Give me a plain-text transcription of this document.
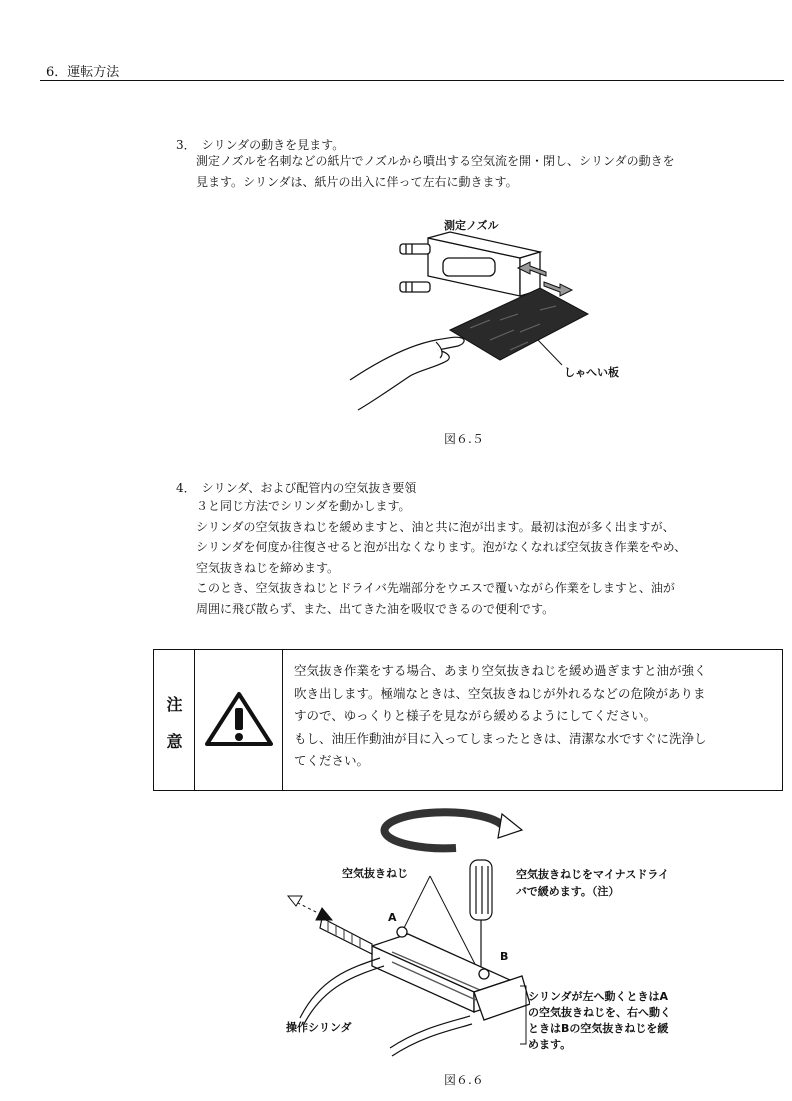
6．運転方法
3．　シリンダの動きを見ます。
測定ノズルを名刺などの紙片でノズルから噴出する空気流を開・閉し、シリンダの動きを
見ます。シリンダは、紙片の出入に伴って左右に動きます。
測定ノズル
しゃへい板
図６.５
4．　シリンダ、および配管内の空気抜き要領
３と同じ方法でシリンダを動かします。
シリンダの空気抜きねじを緩めますと、油と共に泡が出ます。最初は泡が多く出ますが、
シリンダを何度か往復させると泡が出なくなります。泡がなくなれば空気抜き作業をやめ、
空気抜きねじを締めます。
このとき、空気抜きねじとドライバ先端部分をウエスで覆いながら作業をしますと、油が
周囲に飛び散らず、また、出てきた油を吸収できるので便利です。
注
意
空気抜き作業をする場合、あまり空気抜きねじを緩め過ぎますと油が強く
吹き出します。極端なときは、空気抜きねじが外れるなどの危険がありま
すので、ゆっくりと様子を見ながら緩めるようにしてください。
もし、油圧作動油が目に入ってしまったときは、清潔な水ですぐに洗浄し
てください。
空気抜きねじ	空気抜きねじをマイナスドライ
バで緩めます。（注）
A
B
操作シリンダ
シリンダが左へ動くときはA
の空気抜きねじを、右へ動く
ときはBの空気抜きねじを緩
めます。
図６.６
